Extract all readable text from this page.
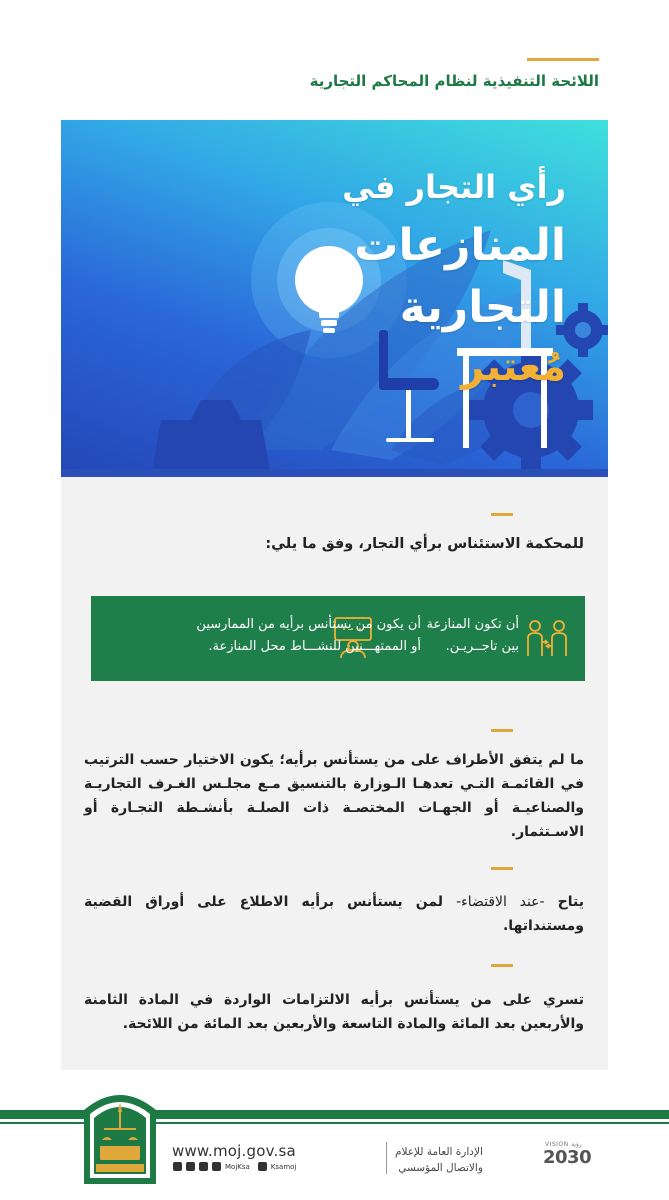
اللائحة التنفيذية لنظام المحاكم التجارية
رأي التجار في
المنازعات
التجارية
مُعتبر
للمحكمة الاستئناس برأي التجار، وفق ما يلي:
أن تكون المنازعة
بين تاجــريـن.
أن يكون من يستأنس برأيه من الممارسين
أو الممتهـــنين للنشـــاط محل المنازعة.
ما لم يتفق الأطراف على من يستأنس برأيه؛ يكون الاختيار حسب الترتيب في القائمـة التـي تعدهـا الـوزارة بالتنسيق مـع مجلـس الغـرف التجاريـة والصناعيـة أو الجهـات المختصـة ذات الصلـة بأنشـطة التجـارة أو الاسـتثمار.
يتاح -عند الاقتضاء- لمن يستأنس برأيه الاطلاع على أوراق القضية ومستنداتها.
تسري على من يستأنس برأيه الالتزامات الواردة في المادة الثامنة والأربعين بعد المائة والمادة التاسعة والأربعين بعد المائة من اللائحة.
www.moj.gov.sa
MojKsa	Ksamoj
الإدارة العامة للإعلام
والاتصال المؤسسي
VISION رؤية
2030
